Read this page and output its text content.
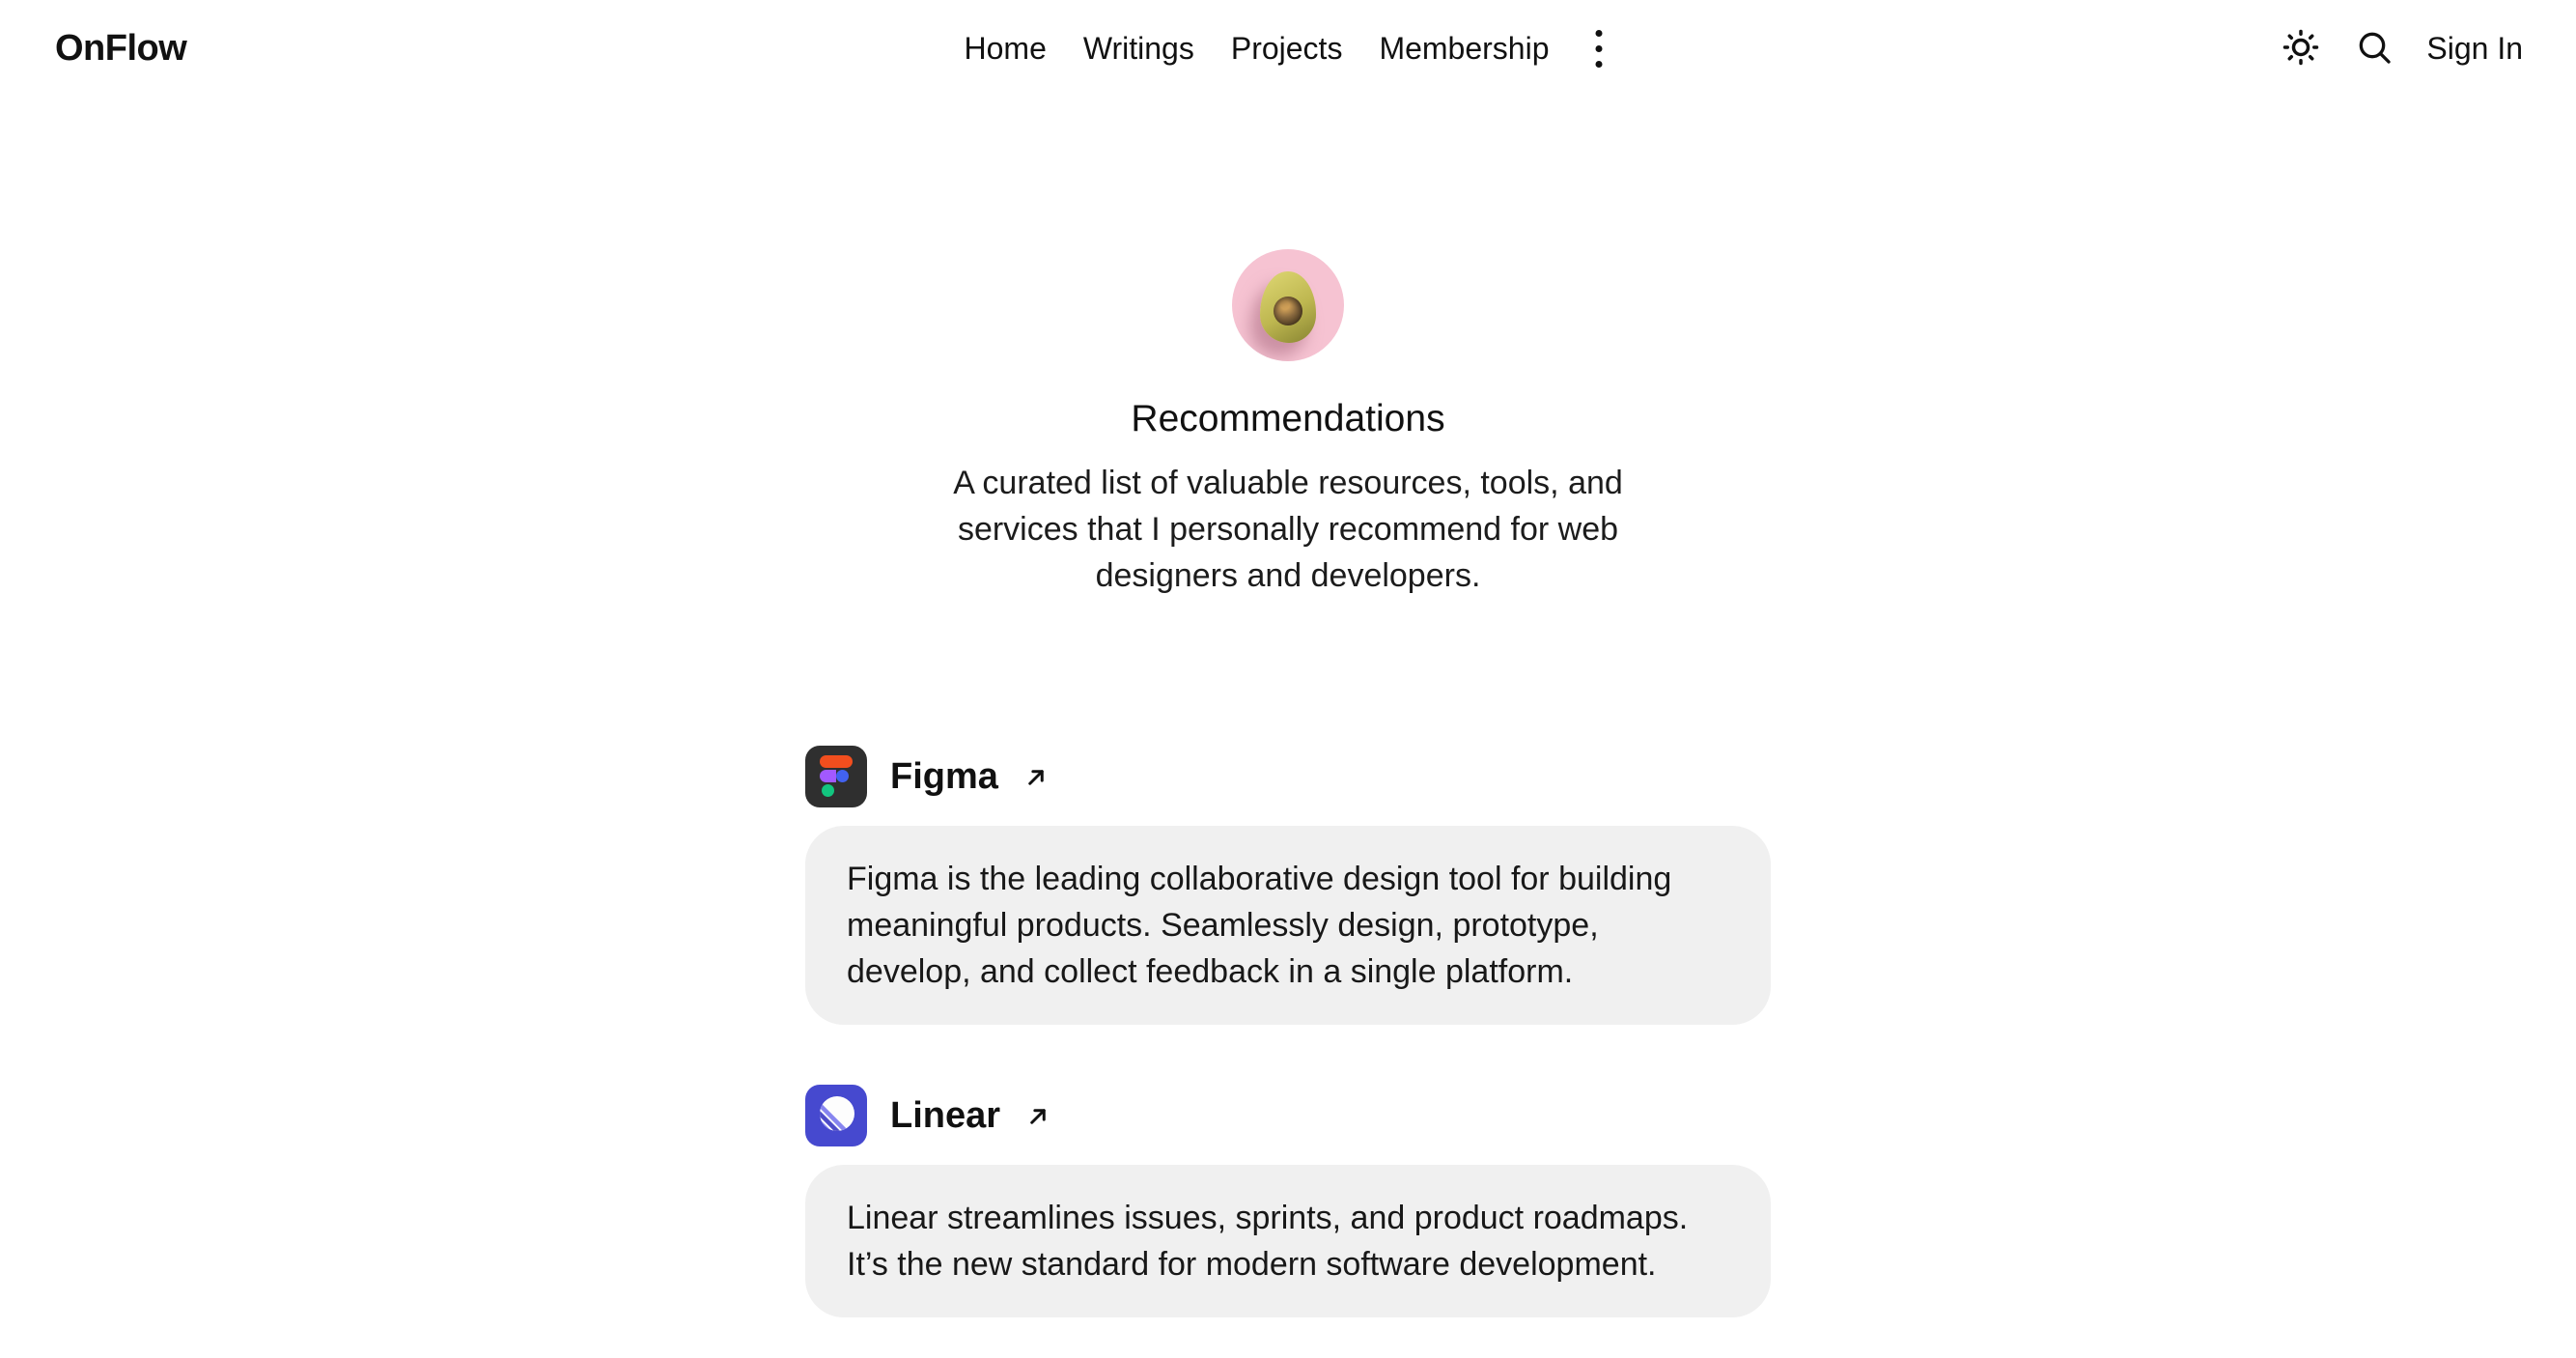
OnFlow	Home Writings Projects Membership	Sign In
Recommendations

A curated list of valuable resources, tools, and services that I personally recommend for web designers and developers.

Figma
Figma is the leading collaborative design tool for building meaningful products. Seamlessly design, prototype, develop, and collect feedback in a single platform.
Linear
Linear streamlines issues, sprints, and product roadmaps. It’s the new standard for modern software development.
